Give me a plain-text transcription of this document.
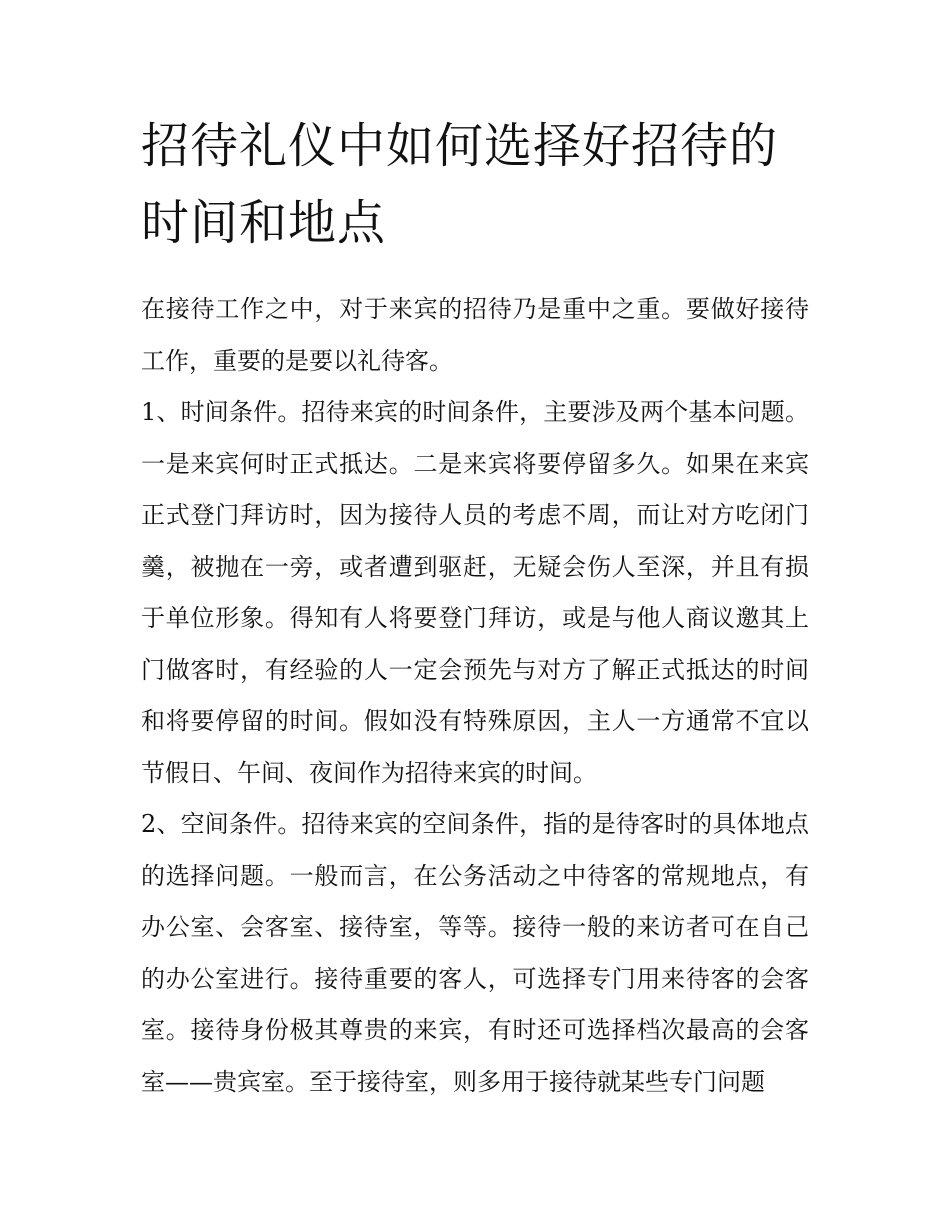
招待礼仪中如何选择好招待的时间和地点

在接待工作之中，对于来宾的招待乃是重中之重。要做好接待工作，重要的是要以礼待客。

1、时间条件。招待来宾的时间条件，主要涉及两个基本问题。一是来宾何时正式抵达。二是来宾将要停留多久。如果在来宾正式登门拜访时，因为接待人员的考虑不周，而让对方吃闭门羹，被抛在一旁，或者遭到驱赶，无疑会伤人至深，并且有损于单位形象。得知有人将要登门拜访，或是与他人商议邀其上门做客时，有经验的人一定会预先与对方了解正式抵达的时间和将要停留的时间。假如没有特殊原因，主人一方通常不宜以节假日、午间、夜间作为招待来宾的时间。

2、空间条件。招待来宾的空间条件，指的是待客时的具体地点的选择问题。一般而言，在公务活动之中待客的常规地点，有办公室、会客室、接待室，等等。接待一般的来访者可在自己的办公室进行。接待重要的客人，可选择专门用来待客的会客室。接待身份极其尊贵的来宾，有时还可选择档次最高的会客室——贵宾室。至于接待室，则多用于接待就某些专门问题
